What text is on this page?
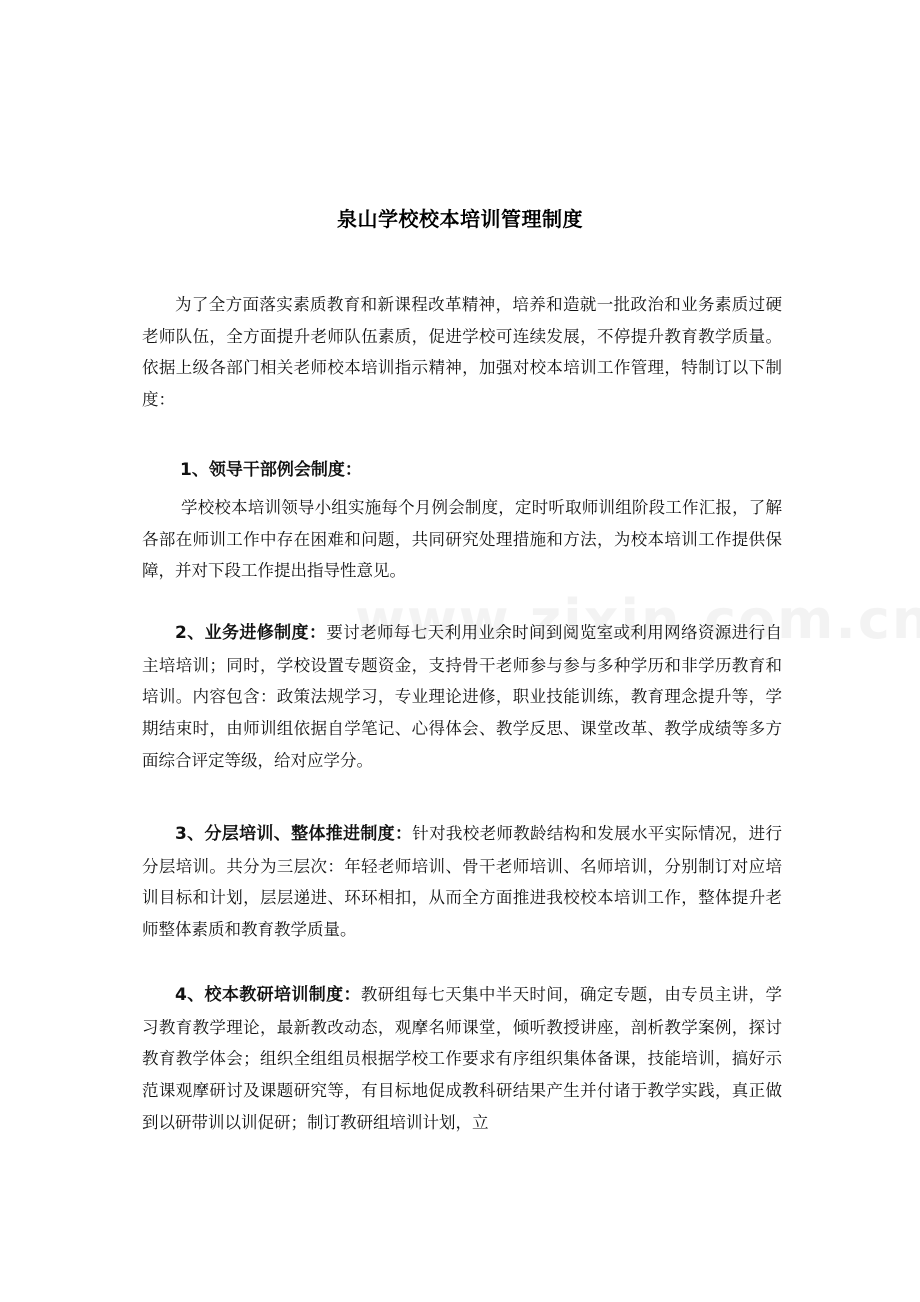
泉山学校校本培训管理制度

为了全方面落实素质教育和新课程改革精神，培养和造就一批政治和业务素质过硬老师队伍，全方面提升老师队伍素质，促进学校可连续发展，不停提升教育教学质量。依据上级各部门相关老师校本培训指示精神，加强对校本培训工作管理，特制订以下制度：

1、领导干部例会制度：

学校校本培训领导小组实施每个月例会制度，定时听取师训组阶段工作汇报，了解各部在师训工作中存在困难和问题，共同研究处理措施和方法，为校本培训工作提供保障，并对下段工作提出指导性意见。

2、业务进修制度：要讨老师每七天利用业余时间到阅览室或利用网络资源进行自主培培训；同时，学校设置专题资金，支持骨干老师参与参与多种学历和非学历教育和培训。内容包含：政策法规学习，专业理论进修，职业技能训练，教育理念提升等，学期结束时，由师训组依据自学笔记、心得体会、教学反思、课堂改革、教学成绩等多方面综合评定等级，给对应学分。

3、分层培训、整体推进制度：针对我校老师教龄结构和发展水平实际情况，进行分层培训。共分为三层次：年轻老师培训、骨干老师培训、名师培训，分别制订对应培训目标和计划，层层递进、环环相扣，从而全方面推进我校校本培训工作，整体提升老师整体素质和教育教学质量。

4、校本教研培训制度：教研组每七天集中半天时间，确定专题，由专员主讲，学习教育教学理论，最新教改动态，观摩名师课堂，倾听教授讲座，剖析教学案例，探讨教育教学体会；组织全组组员根据学校工作要求有序组织集体备课，技能培训，搞好示范课观摩研讨及课题研究等，有目标地促成教科研结果产生并付诸于教学实践，真正做到以研带训以训促研；制订教研组培训计划，立
